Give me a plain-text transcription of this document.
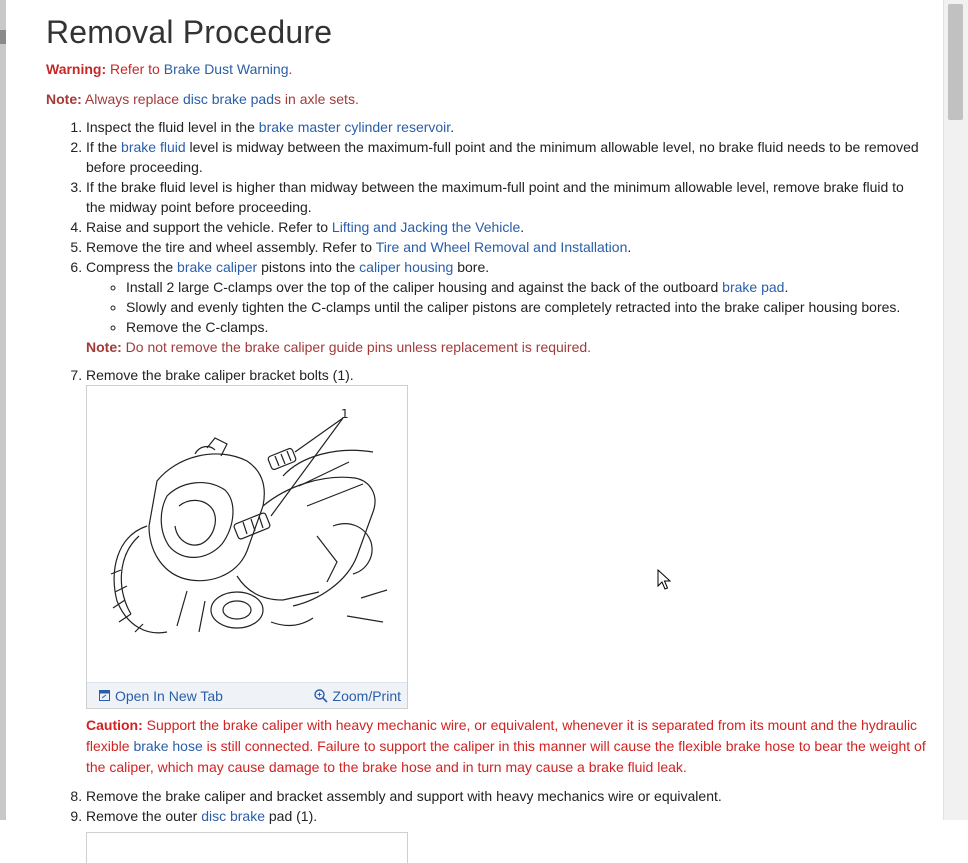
Removal Procedure

Warning: Refer to Brake Dust Warning.

Note: Always replace disc brake pads in axle sets.

1. Inspect the fluid level in the brake master cylinder reservoir.
2. If the brake fluid level is midway between the maximum-full point and the minimum allowable level, no brake fluid needs to be removed before proceeding.
3. If the brake fluid level is higher than midway between the maximum-full point and the minimum allowable level, remove brake fluid to the midway point before proceeding.
4. Raise and support the vehicle. Refer to Lifting and Jacking the Vehicle.
5. Remove the tire and wheel assembly. Refer to Tire and Wheel Removal and Installation.
6. Compress the brake caliper pistons into the caliper housing bore.
◦ Install 2 large C-clamps over the top of the caliper housing and against the back of the outboard brake pad.
◦ Slowly and evenly tighten the C-clamps until the caliper pistons are completely retracted into the brake caliper housing bores.
◦ Remove the C-clamps.
Note: Do not remove the brake caliper guide pins unless replacement is required.
7. Remove the brake caliper bracket bolts (1).
1
Open In New Tab	Zoom/Print
Caution: Support the brake caliper with heavy mechanic wire, or equivalent, whenever it is separated from its mount and the hydraulic flexible brake hose is still connected. Failure to support the caliper in this manner will cause the flexible brake hose to bear the weight of the caliper, which may cause damage to the brake hose and in turn may cause a brake fluid leak.
8. Remove the brake caliper and bracket assembly and support with heavy mechanics wire or equivalent.
9. Remove the outer disc brake pad (1).
